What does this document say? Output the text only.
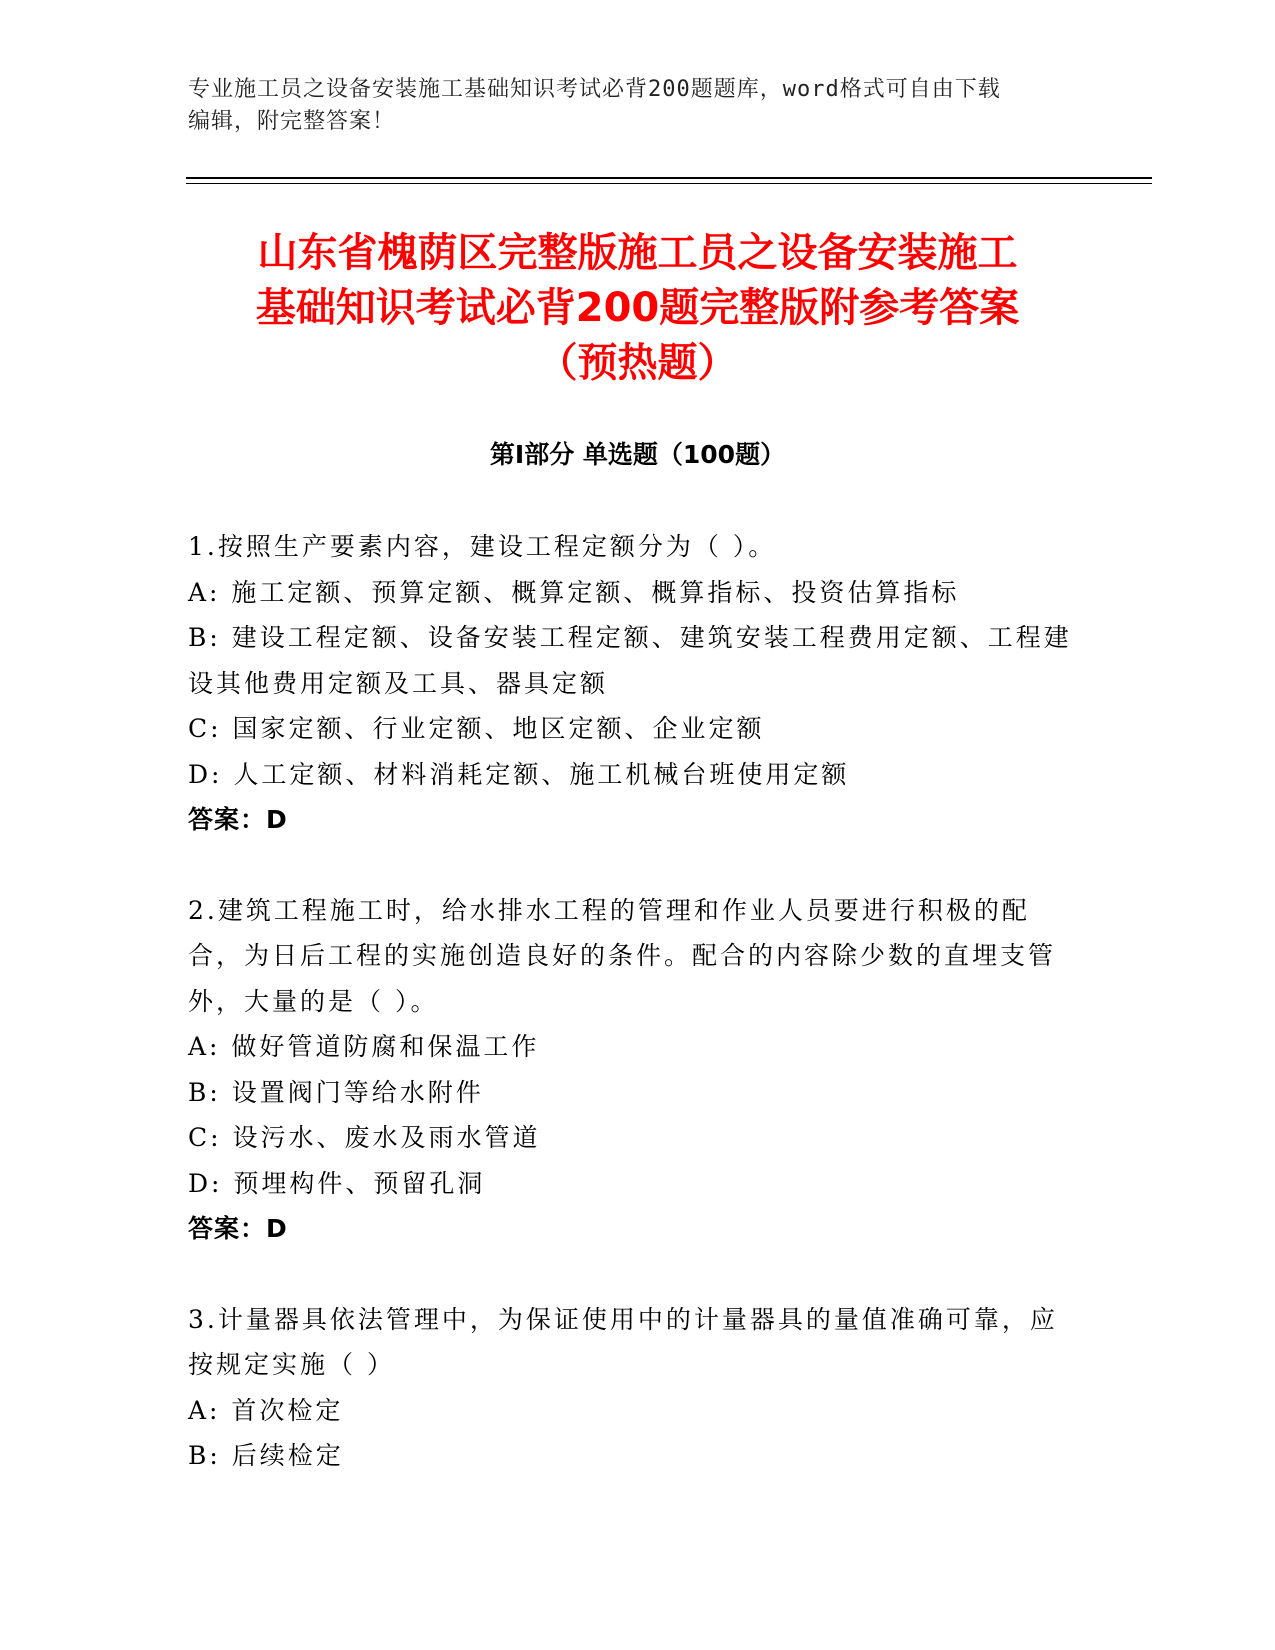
专业施工员之设备安装施工基础知识考试必背200题题库，word格式可自由下载
编辑，附完整答案！
山东省槐荫区完整版施工员之设备安装施工
基础知识考试必背200题完整版附参考答案
（预热题）
第Ⅰ部分 单选题（100题）
1.按照生产要素内容，建设工程定额分为（ ）。
A: 施工定额、预算定额、概算定额、概算指标、投资估算指标
B: 建设工程定额、设备安装工程定额、建筑安装工程费用定额、工程建设其他费用定额及工具、器具定额
C: 国家定额、行业定额、地区定额、企业定额
D: 人工定额、材料消耗定额、施工机械台班使用定额
答案：D
2.建筑工程施工时，给水排水工程的管理和作业人员要进行积极的配合，为日后工程的实施创造良好的条件。配合的内容除少数的直埋支管外，大量的是（ ）。
A: 做好管道防腐和保温工作
B: 设置阀门等给水附件
C: 设污水、废水及雨水管道
D: 预埋构件、预留孔洞
答案：D
3.计量器具依法管理中，为保证使用中的计量器具的量值准确可靠，应按规定实施（ ）
A: 首次检定
B: 后续检定
